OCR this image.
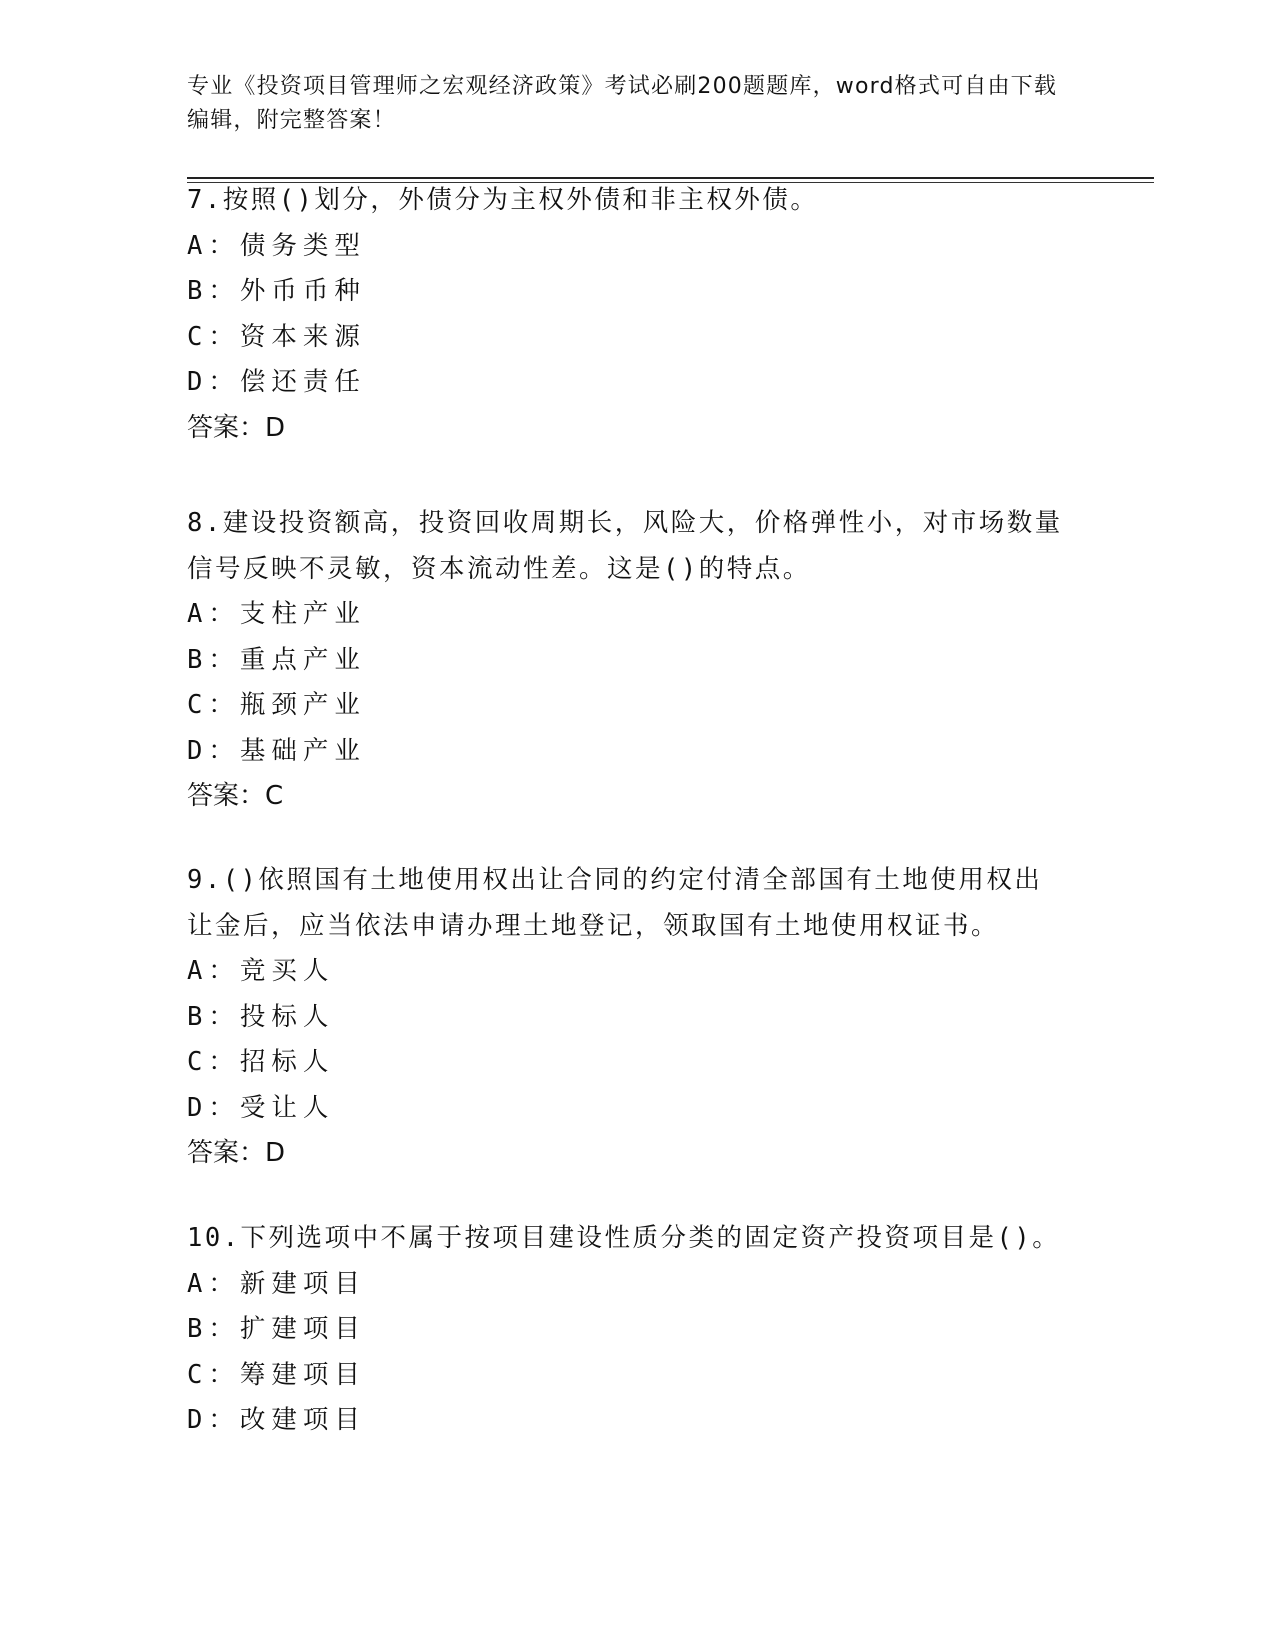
专业《投资项目管理师之宏观经济政策》考试必刷200题题库，word格式可自由下载编辑，附完整答案！

7.按照()划分，外债分为主权外债和非主权外债。

A：债务类型

B：外币币种

C：资本来源

D：偿还责任

答案：D

8.建设投资额高，投资回收周期长，风险大，价格弹性小，对市场数量信号反映不灵敏，资本流动性差。这是()的特点。

A：支柱产业

B：重点产业

C：瓶颈产业

D：基础产业

答案：C

9.()依照国有土地使用权出让合同的约定付清全部国有土地使用权出让金后，应当依法申请办理土地登记，领取国有土地使用权证书。

A：竞买人

B：投标人

C：招标人

D：受让人

答案：D

10.下列选项中不属于按项目建设性质分类的固定资产投资项目是()。

A：新建项目

B：扩建项目

C：筹建项目

D：改建项目
